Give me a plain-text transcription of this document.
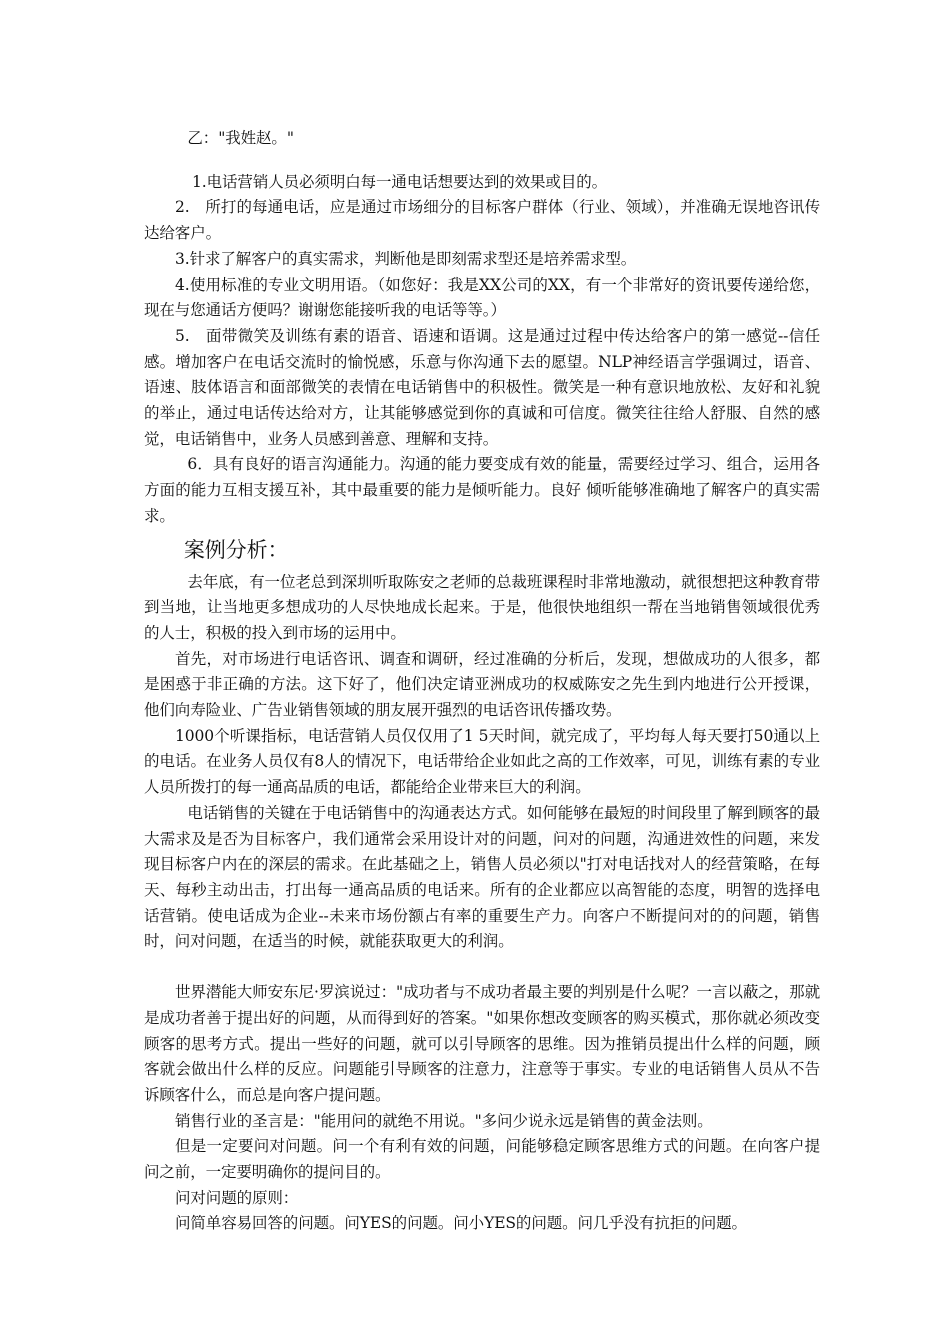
乙："我姓赵。"

1.电话营销人员必须明白每一通电话想要达到的效果或目的。

2.　所打的每通电话，应是通过市场细分的目标客户群体（行业、领域），并准确无误地咨讯传达给客户。

3.针求了解客户的真实需求，判断他是即刻需求型还是培养需求型。

4.使用标准的专业文明用语。（如您好：我是XX公司的XX，有一个非常好的资讯要传递给您，现在与您通话方便吗？谢谢您能接听我的电话等等。）

5.　面带微笑及训练有素的语音、语速和语调。这是通过过程中传达给客户的第一感觉--信任感。增加客户在电话交流时的愉悦感，乐意与你沟通下去的愿望。NLP神经语言学强调过，语音、语速、肢体语言和面部微笑的表情在电话销售中的积极性。微笑是一种有意识地放松、友好和礼貌的举止，通过电话传达给对方，让其能够感觉到你的真诚和可信度。微笑往往给人舒服、自然的感觉，电话销售中，业务人员感到善意、理解和支持。

6．具有良好的语言沟通能力。沟通的能力要变成有效的能量，需要经过学习、组合，运用各方面的能力互相支援互补，其中最重要的能力是倾听能力。良好 倾听能够准确地了解客户的真实需求。

案例分析：

去年底，有一位老总到深圳听取陈安之老师的总裁班课程时非常地激动，就很想把这种教育带到当地，让当地更多想成功的人尽快地成长起来。于是，他很快地组织一帮在当地销售领域很优秀的人士，积极的投入到市场的运用中。

首先，对市场进行电话咨讯、调查和调研，经过准确的分析后，发现，想做成功的人很多，都是困惑于非正确的方法。这下好了，他们决定请亚洲成功的权威陈安之先生到内地进行公开授课，他们向寿险业、广告业销售领域的朋友展开强烈的电话咨讯传播攻势。

1000个听课指标，电话营销人员仅仅用了1 5天时间，就完成了，平均每人每天要打50通以上的电话。在业务人员仅有8人的情况下，电话带给企业如此之高的工作效率，可见，训练有素的专业人员所拨打的每一通高品质的电话，都能给企业带来巨大的利润。

电话销售的关键在于电话销售中的沟通表达方式。如何能够在最短的时间段里了解到顾客的最大需求及是否为目标客户，我们通常会采用设计对的问题，问对的问题，沟通进效性的问题，来发现目标客户内在的深层的需求。在此基础之上，销售人员必须以"打对电话找对人的经营策略，在每天、每秒主动出击，打出每一通高品质的电话来。所有的企业都应以高智能的态度，明智的选择电话营销。使电话成为企业--未来市场份额占有率的重要生产力。向客户不断提问对的的问题，销售时，问对问题，在适当的时候，就能获取更大的利润。

世界潜能大师安东尼·罗滨说过："成功者与不成功者最主要的判别是什么呢？一言以蔽之，那就是成功者善于提出好的问题，从而得到好的答案。"如果你想改变顾客的购买模式，那你就必须改变顾客的思考方式。提出一些好的问题，就可以引导顾客的思维。因为推销员提出什么样的问题，顾客就会做出什么样的反应。问题能引导顾客的注意力，注意等于事实。专业的电话销售人员从不告诉顾客什么，而总是向客户提问题。

销售行业的圣言是："能用问的就绝不用说。"多问少说永远是销售的黄金法则。

但是一定要问对问题。问一个有利有效的问题，问能够稳定顾客思维方式的问题。在向客户提问之前，一定要明确你的提问目的。

问对问题的原则：

问简单容易回答的问题。问YES的问题。问小YES的问题。问几乎没有抗拒的问题。
